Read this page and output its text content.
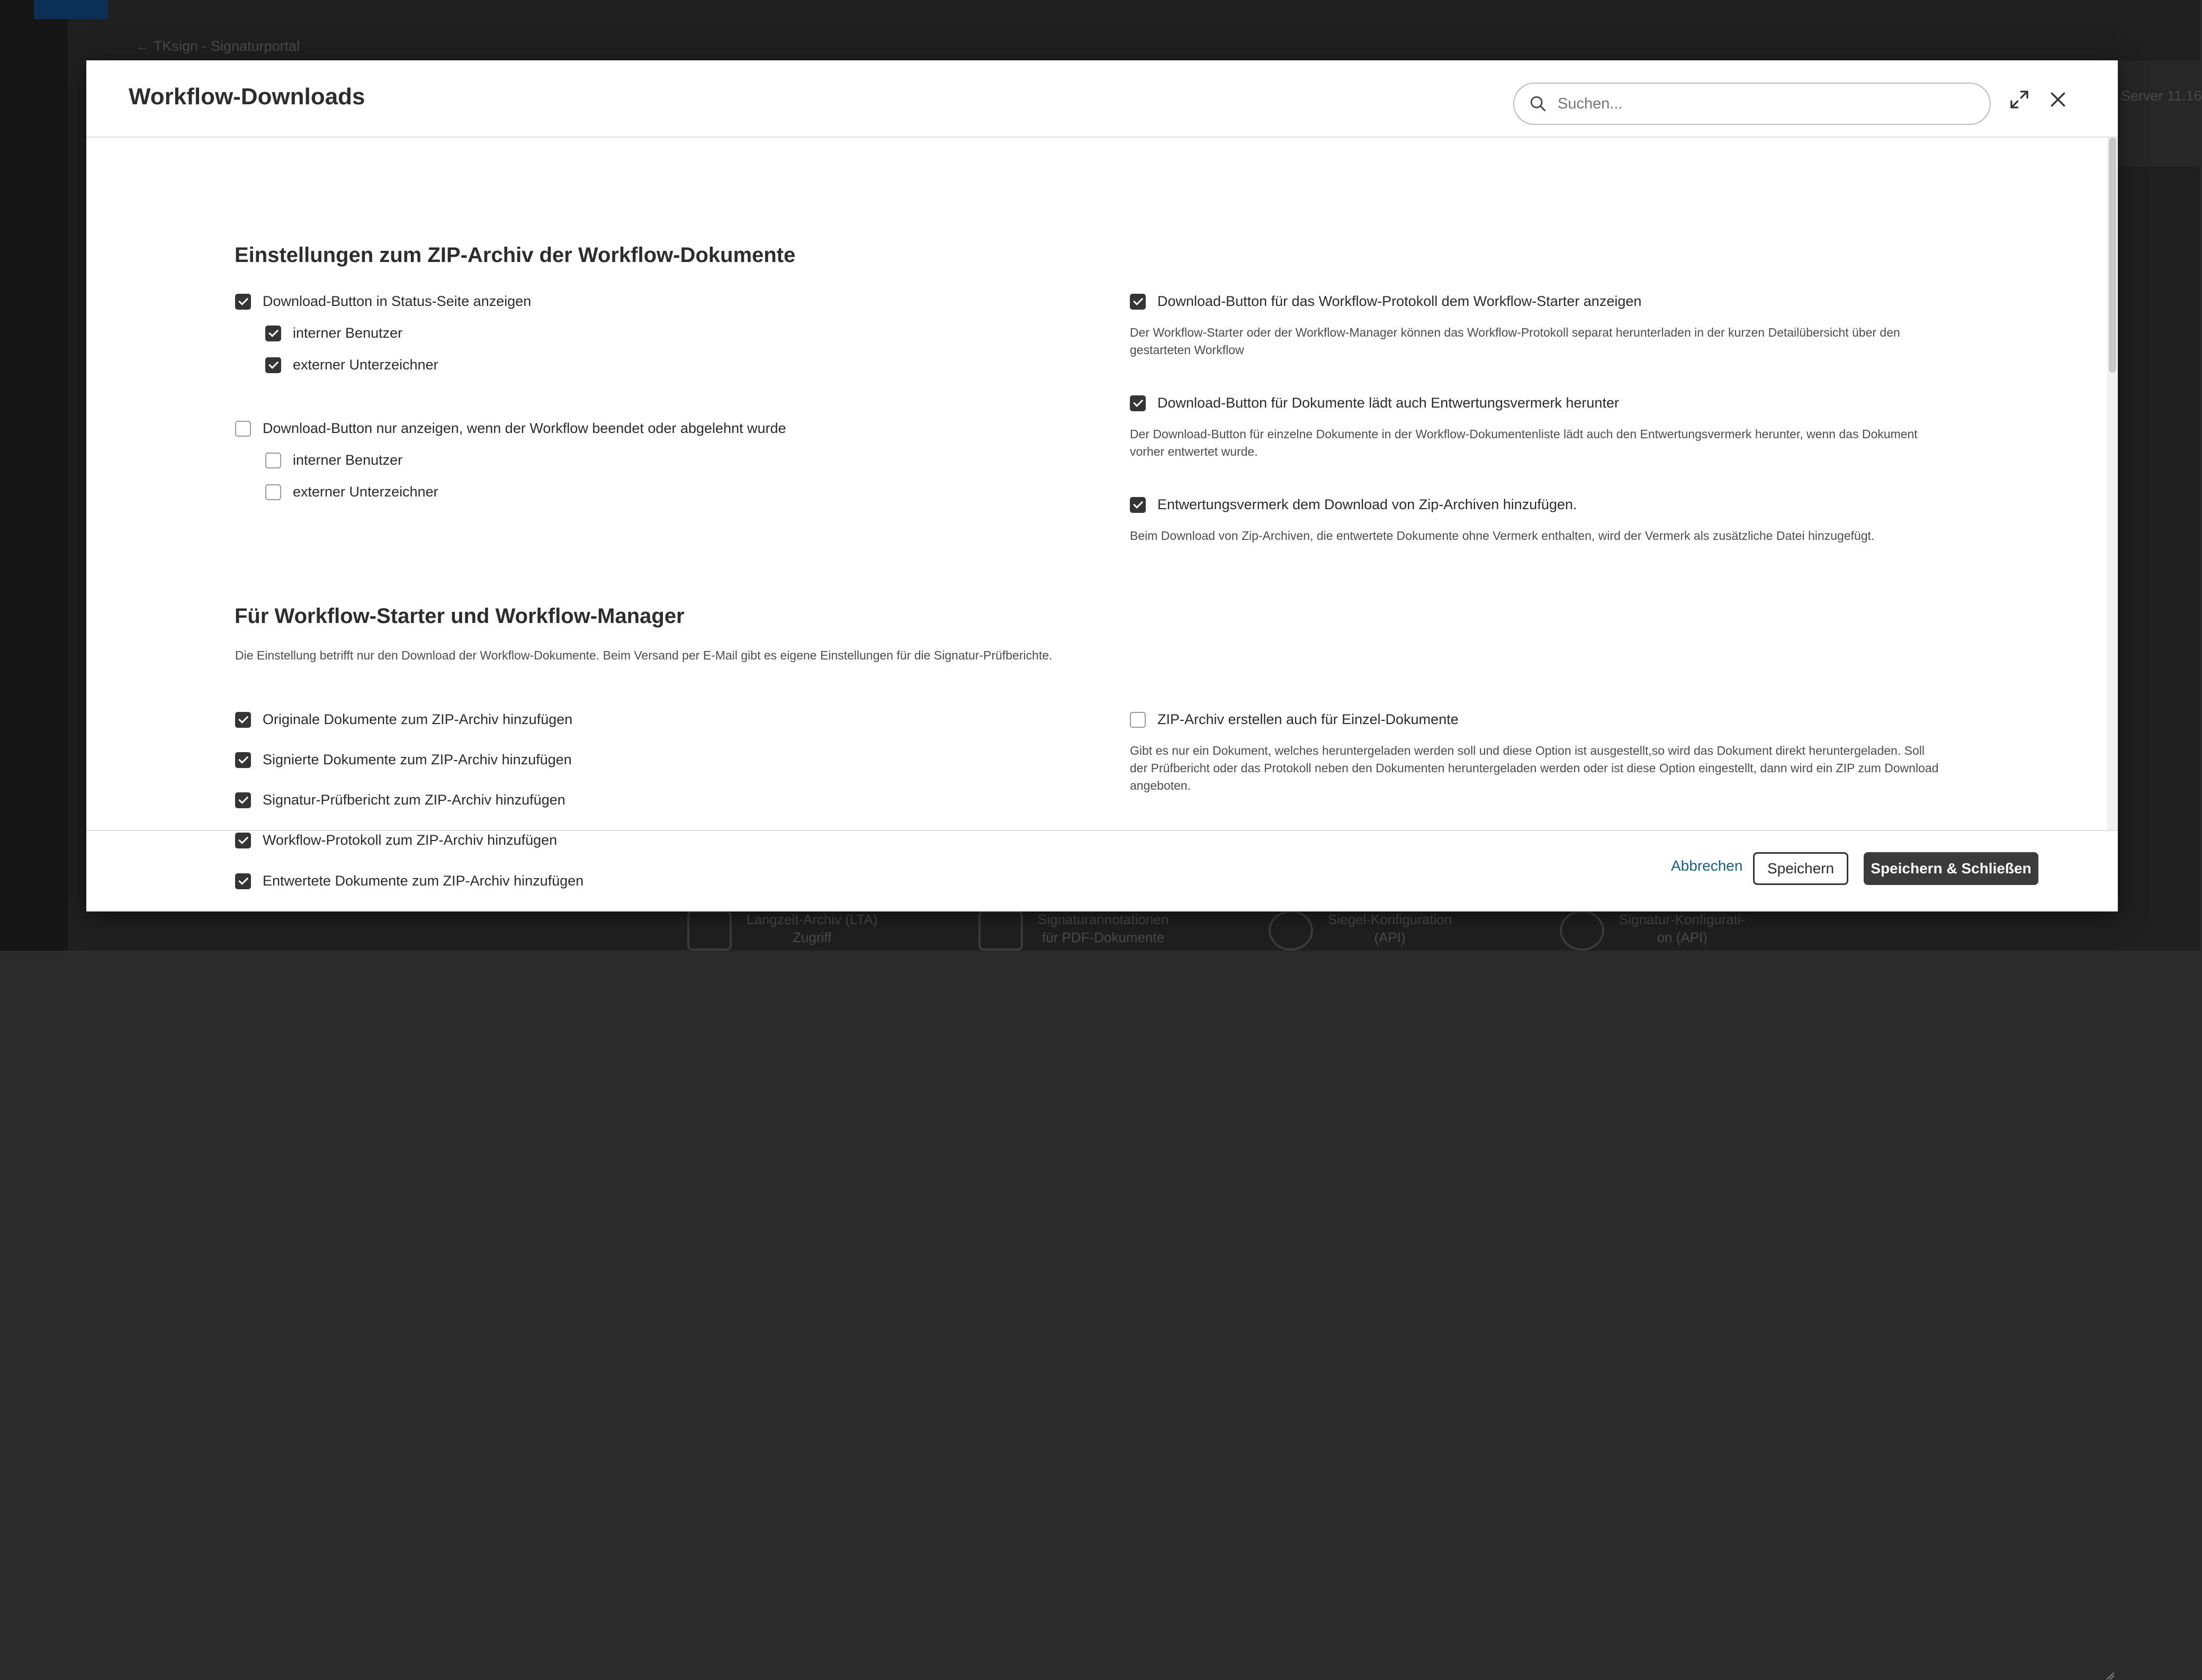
← TKsign - Signaturportal
Server 11.16
Langzeit-Archiv (LTA)
Zugriff
Signaturannotationen
für PDF-Dokumente
Siegel-Konfiguration
(API)
Signatur-Konfigurati-
on (API)
Workflow-Downloads
Suchen...
Einstellungen zum ZIP-Archiv der Workflow-Dokumente
Download-Button in Status-Seite anzeigen
interner Benutzer
externer Unterzeichner
Download-Button nur anzeigen, wenn der Workflow beendet oder abgelehnt wurde
interner Benutzer
externer Unterzeichner
Download-Button für das Workflow-Protokoll dem Workflow-Starter anzeigen

Der Workflow-Starter oder der Workflow-Manager können das Workflow-Protokoll separat herunterladen in der kurzen Detailübersicht über den gestarteten Workflow

Download-Button für Dokumente lädt auch Entwertungsvermerk herunter

Der Download-Button für einzelne Dokumente in der Workflow-Dokumentenliste lädt auch den Entwertungsvermerk herunter, wenn das Dokument vorher entwertet wurde.

Entwertungsvermerk dem Download von Zip-Archiven hinzufügen.

Beim Download von Zip-Archiven, die entwertete Dokumente ohne Vermerk enthalten, wird der Vermerk als zusätzliche Datei hinzugefügt.

Für Workflow-Starter und Workflow-Manager

Die Einstellung betrifft nur den Download der Workflow-Dokumente. Beim Versand per E-Mail gibt es eigene Einstellungen für die Signatur-Prüfberichte.

Originale Dokumente zum ZIP-Archiv hinzufügen
Signierte Dokumente zum ZIP-Archiv hinzufügen
Signatur-Prüfbericht zum ZIP-Archiv hinzufügen
Workflow-Protokoll zum ZIP-Archiv hinzufügen
Entwertete Dokumente zum ZIP-Archiv hinzufügen
ZIP-Archiv erstellen auch für Einzel-Dokumente

Gibt es nur ein Dokument, welches heruntergeladen werden soll und diese Option ist ausgestellt,so wird das Dokument direkt heruntergeladen. Soll der Prüfbericht oder das Protokoll neben den Dokumenten heruntergeladen werden oder ist diese Option eingestellt, dann wird ein ZIP zum Download angeboten.

Abbrechen	Speichern	Speichern & Schließen
